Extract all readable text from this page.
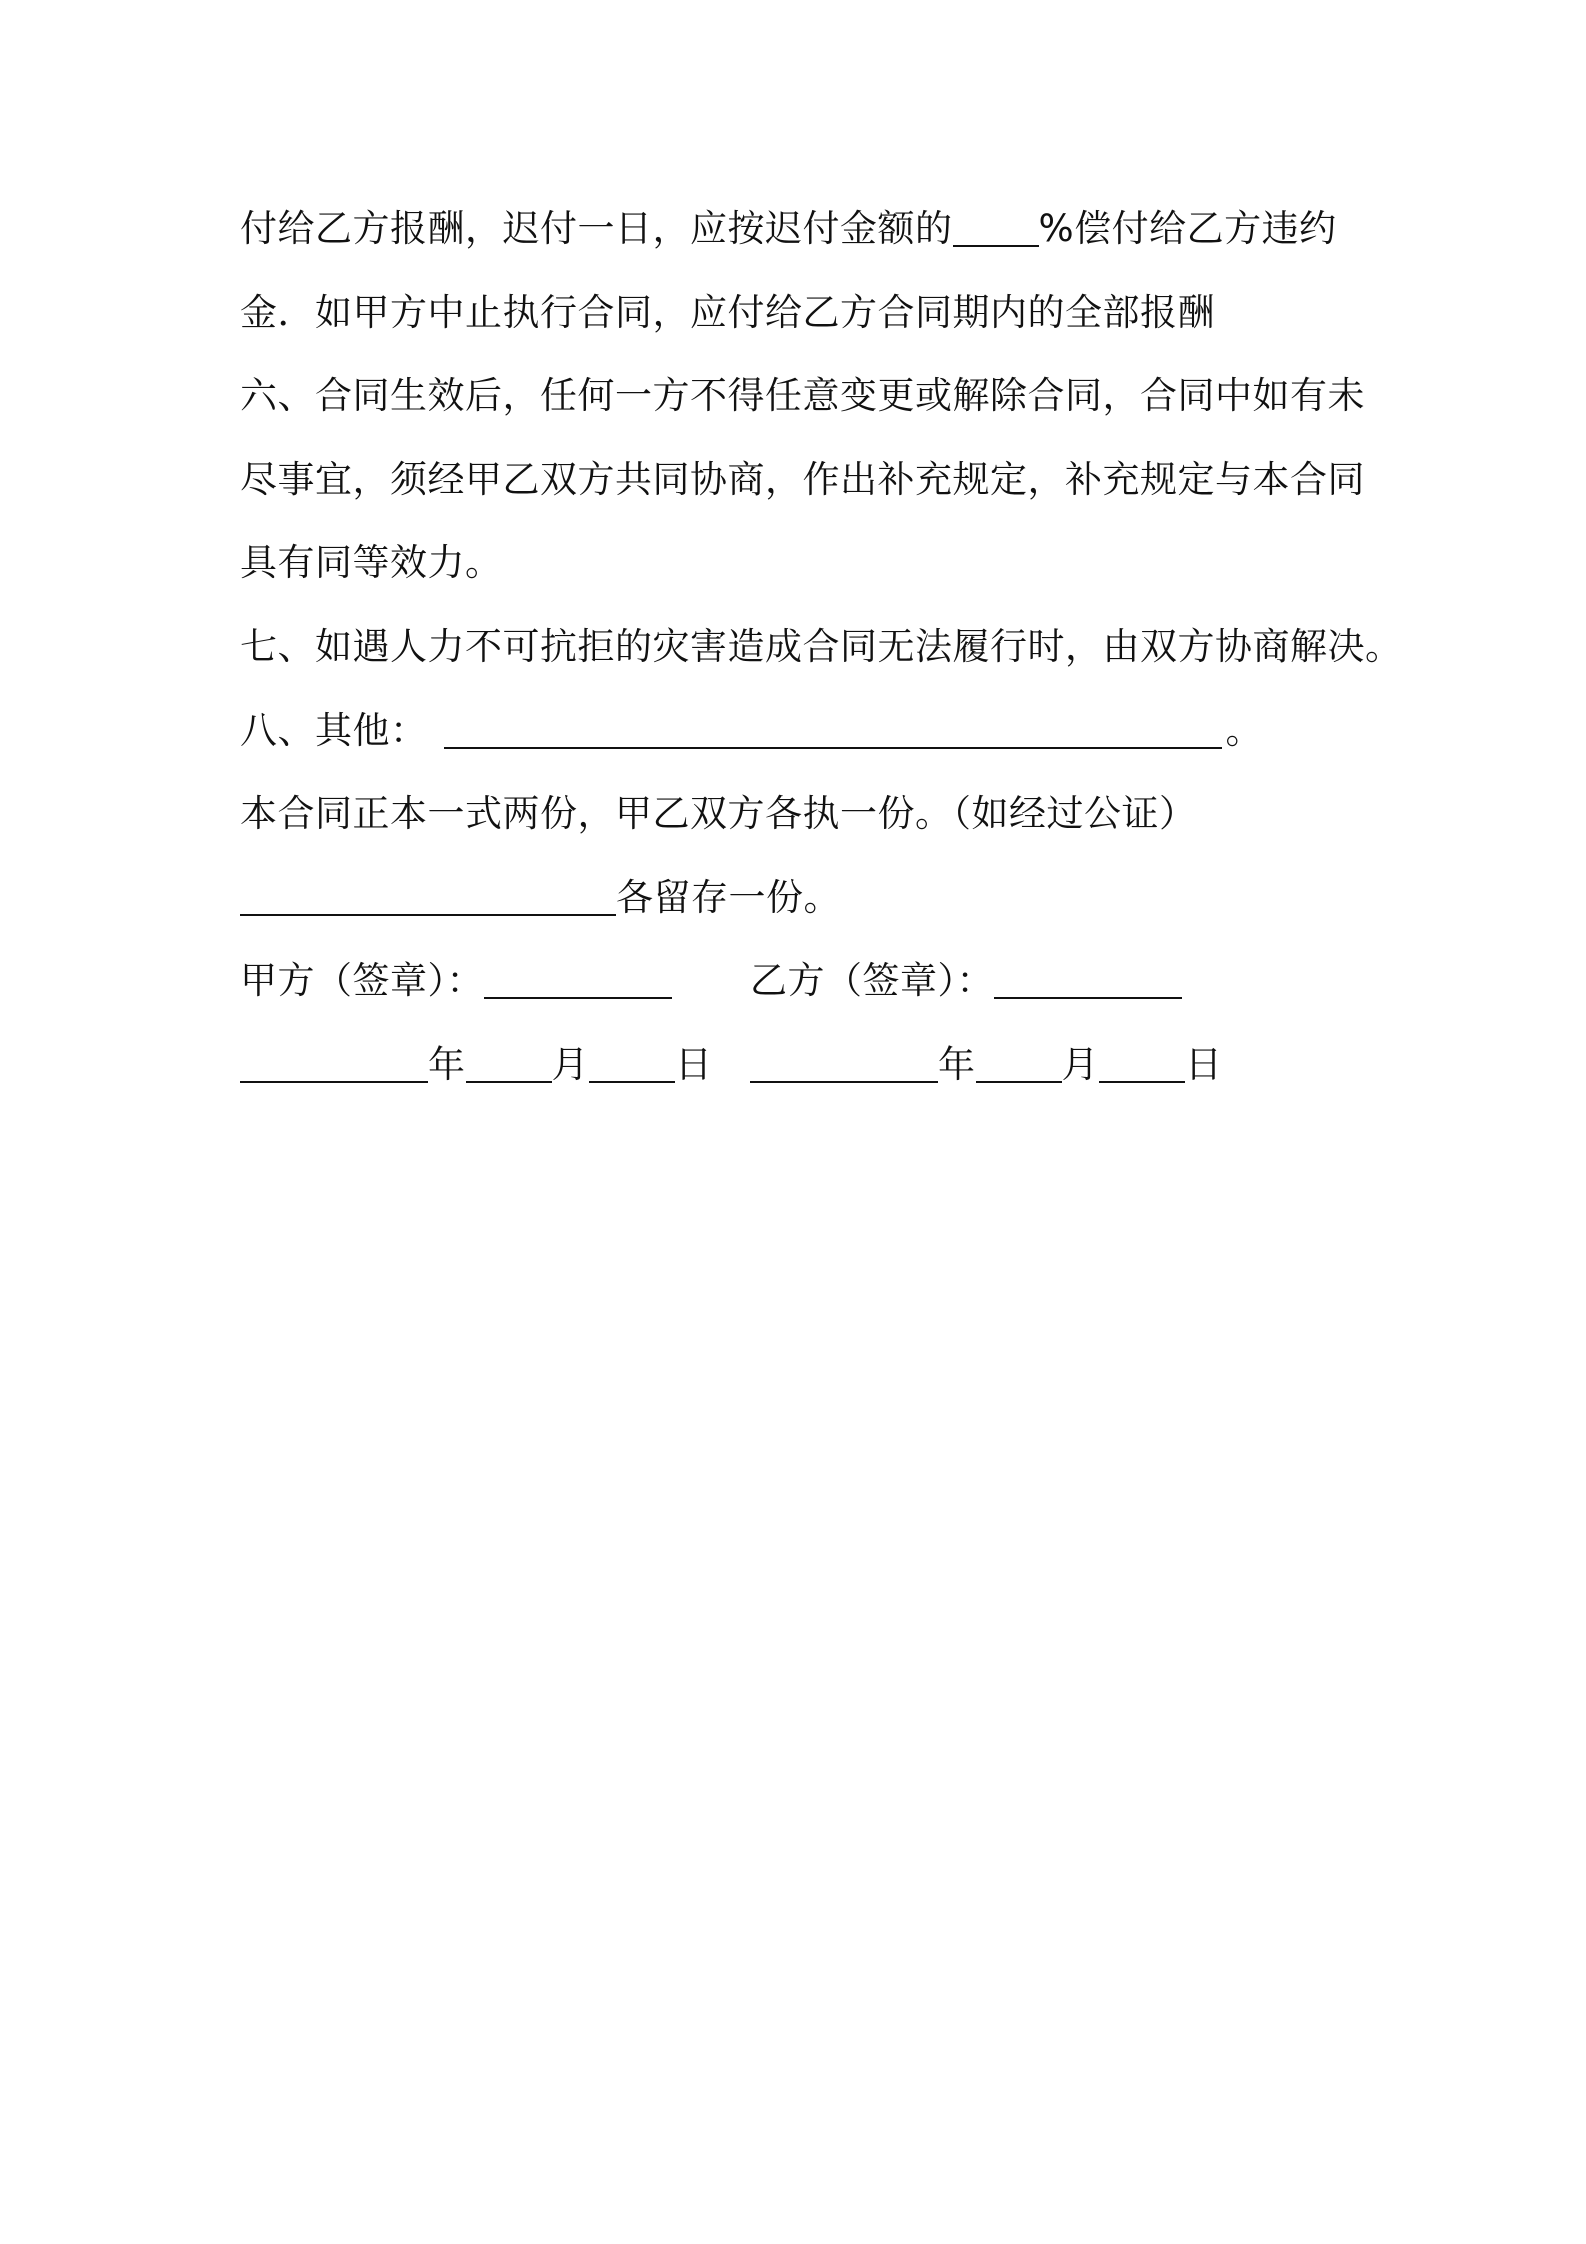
付给乙方报酬，迟付一日，应按迟付金额的 %偿付给乙方违约
金．如甲方中止执行合同，应付给乙方合同期内的全部报酬
六、合同生效后，任何一方不得任意变更或解除合同，合同中如有未
尽事宜，须经甲乙双方共同协商，作出补充规定，补充规定与本合同
具有同等效力。
七、如遇人力不可抗拒的灾害造成合同无法履行时，由双方协商解决。
八、其他：	。
本合同正本一式两份，甲乙双方各执一份。（如经过公证）
各留存一份。
甲方（签章）：	乙方（签章）：
年 月 日	年 月 日
